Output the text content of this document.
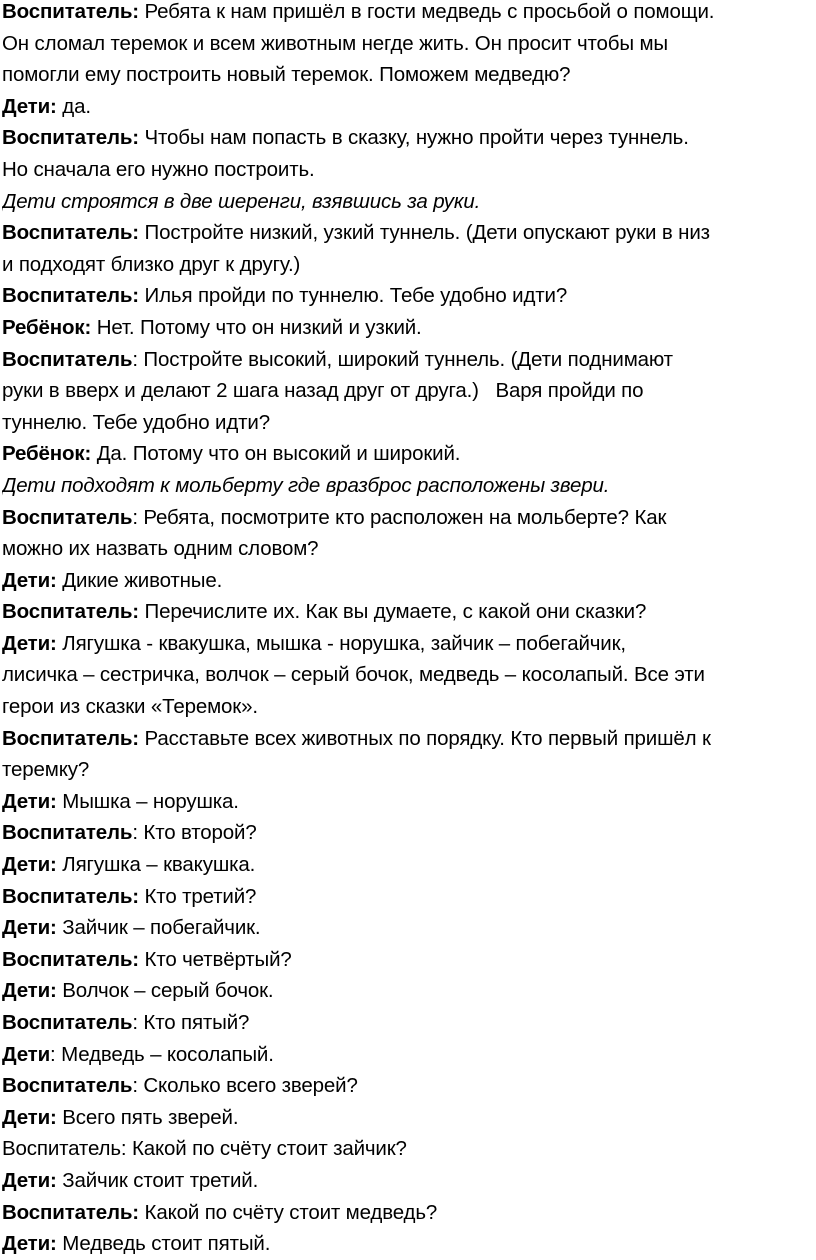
Воспитатель: Ребята к нам пришёл в гости медведь с просьбой о помощи.
Он сломал теремок и всем животным негде жить. Он просит чтобы мы
помогли ему построить новый теремок. Поможем медведю?
Дети: да.
Воспитатель: Чтобы нам попасть в сказку, нужно пройти через туннель.
Но сначала его нужно построить.
Дети строятся в две шеренги, взявшись за руки.
Воспитатель: Постройте низкий, узкий туннель. (Дети опускают руки в низ
и подходят близко друг к другу.)
Воспитатель: Илья пройди по туннелю. Тебе удобно идти?
Ребёнок: Нет. Потому что он низкий и узкий.
Воспитатель: Постройте высокий, широкий туннель. (Дети поднимают
руки в вверх и делают 2 шага назад друг от друга.)   Варя пройди по
туннелю. Тебе удобно идти?
Ребёнок: Да. Потому что он высокий и широкий.
Дети подходят к мольберту где вразброс расположены звери.
Воспитатель: Ребята, посмотрите кто расположен на мольберте? Как
можно их назвать одним словом?
Дети: Дикие животные.
Воспитатель: Перечислите их. Как вы думаете, с какой они сказки?
Дети: Лягушка - квакушка, мышка - норушка, зайчик – побегайчик,
лисичка – сестричка, волчок – серый бочок, медведь – косолапый. Все эти
герои из сказки «Теремок».
Воспитатель: Расставьте всех животных по порядку. Кто первый пришёл к
теремку?
Дети: Мышка – норушка.
Воспитатель: Кто второй?
Дети: Лягушка – квакушка.
Воспитатель: Кто третий?
Дети: Зайчик – побегайчик.
Воспитатель: Кто четвёртый?
Дети: Волчок – серый бочок.
Воспитатель: Кто пятый?
Дети: Медведь – косолапый.
Воспитатель: Сколько всего зверей?
Дети: Всего пять зверей.
Воспитатель: Какой по счёту стоит зайчик?
Дети: Зайчик стоит третий.
Воспитатель: Какой по счёту стоит медведь?
Дети: Медведь стоит пятый.
